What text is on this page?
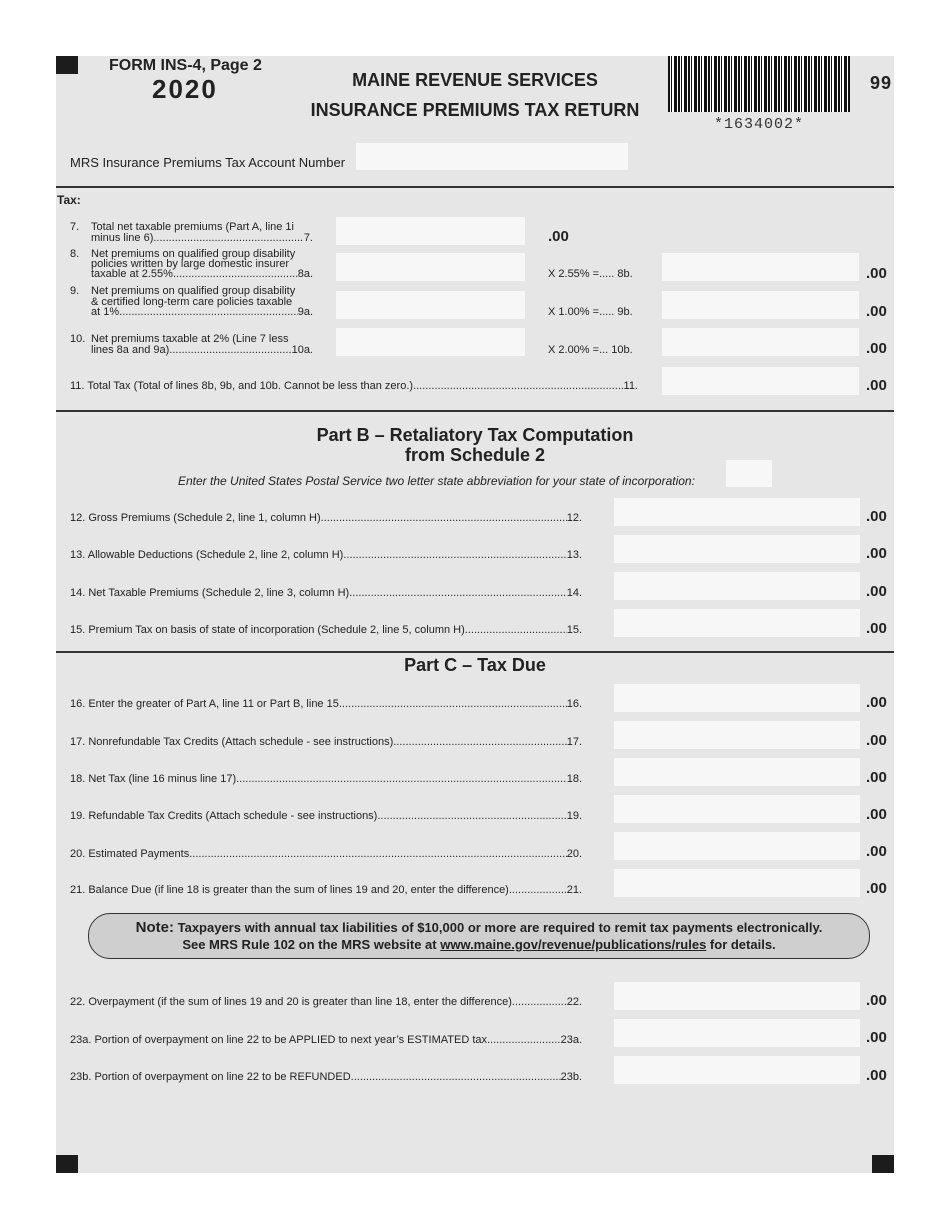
FORM INS-4, Page 2
2020	MAINE REVENUE SERVICES
INSURANCE PREMIUMS TAX RETURN
*1634002*
99
MRS Insurance Premiums Tax Account Number
Tax:
7. Total net taxable premiums (Part A, line 1i
minus line 6) .....	7.	.00
8. Net premiums on qualified group disability
policies written by large domestic insurer
taxable at 2.55% .....	8a.	X 2.55% =..... 8b.	.00
9. Net premiums on qualified group disability
& certified long-term care policies taxable
at 1% .....	9a.	X 1.00% =..... 9b.	.00
10. Net premiums taxable at 2% (Line 7 less
lines 8a and 9a) .....	10a.	X 2.00% =... 10b.	.00
11. Total Tax (Total of lines 8b, 9b, and 10b. Cannot be less than zero.) .....	11.	.00
Part B – Retaliatory Tax Computation
from Schedule 2
Enter the United States Postal Service two letter state abbreviation for your state of incorporation:
12. Gross Premiums (Schedule 2, line 1, column H) .....	12.	.00
13. Allowable Deductions (Schedule 2, line 2, column H) .....	13.	.00
14. Net Taxable Premiums (Schedule 2, line 3, column H) .....	14.	.00
15. Premium Tax on basis of state of incorporation (Schedule 2, line 5, column H) .....	15.	.00
Part C – Tax Due
16. Enter the greater of Part A, line 11 or Part B, line 15 .....	16.	.00
17. Nonrefundable Tax Credits (Attach schedule - see instructions) .....	17.	.00
18. Net Tax (line 16 minus line 17) .....	18.	.00
19. Refundable Tax Credits (Attach schedule - see instructions) .....	19.	.00
20. Estimated Payments .....	20.	.00
21. Balance Due (if line 18 is greater than the sum of lines 19 and 20, enter the difference) .....	21.	.00
Note: Taxpayers with annual tax liabilities of $10,000 or more are required to remit tax payments electronically.
See MRS Rule 102 on the MRS website at www.maine.gov/revenue/publications/rules for details.
22. Overpayment (if the sum of lines 19 and 20 is greater than line 18, enter the difference) .....	22.	.00
23a. Portion of overpayment on line 22 to be APPLIED to next year’s ESTIMATED tax .....	23a.	.00
23b. Portion of overpayment on line 22 to be REFUNDED .....	23b.	.00
